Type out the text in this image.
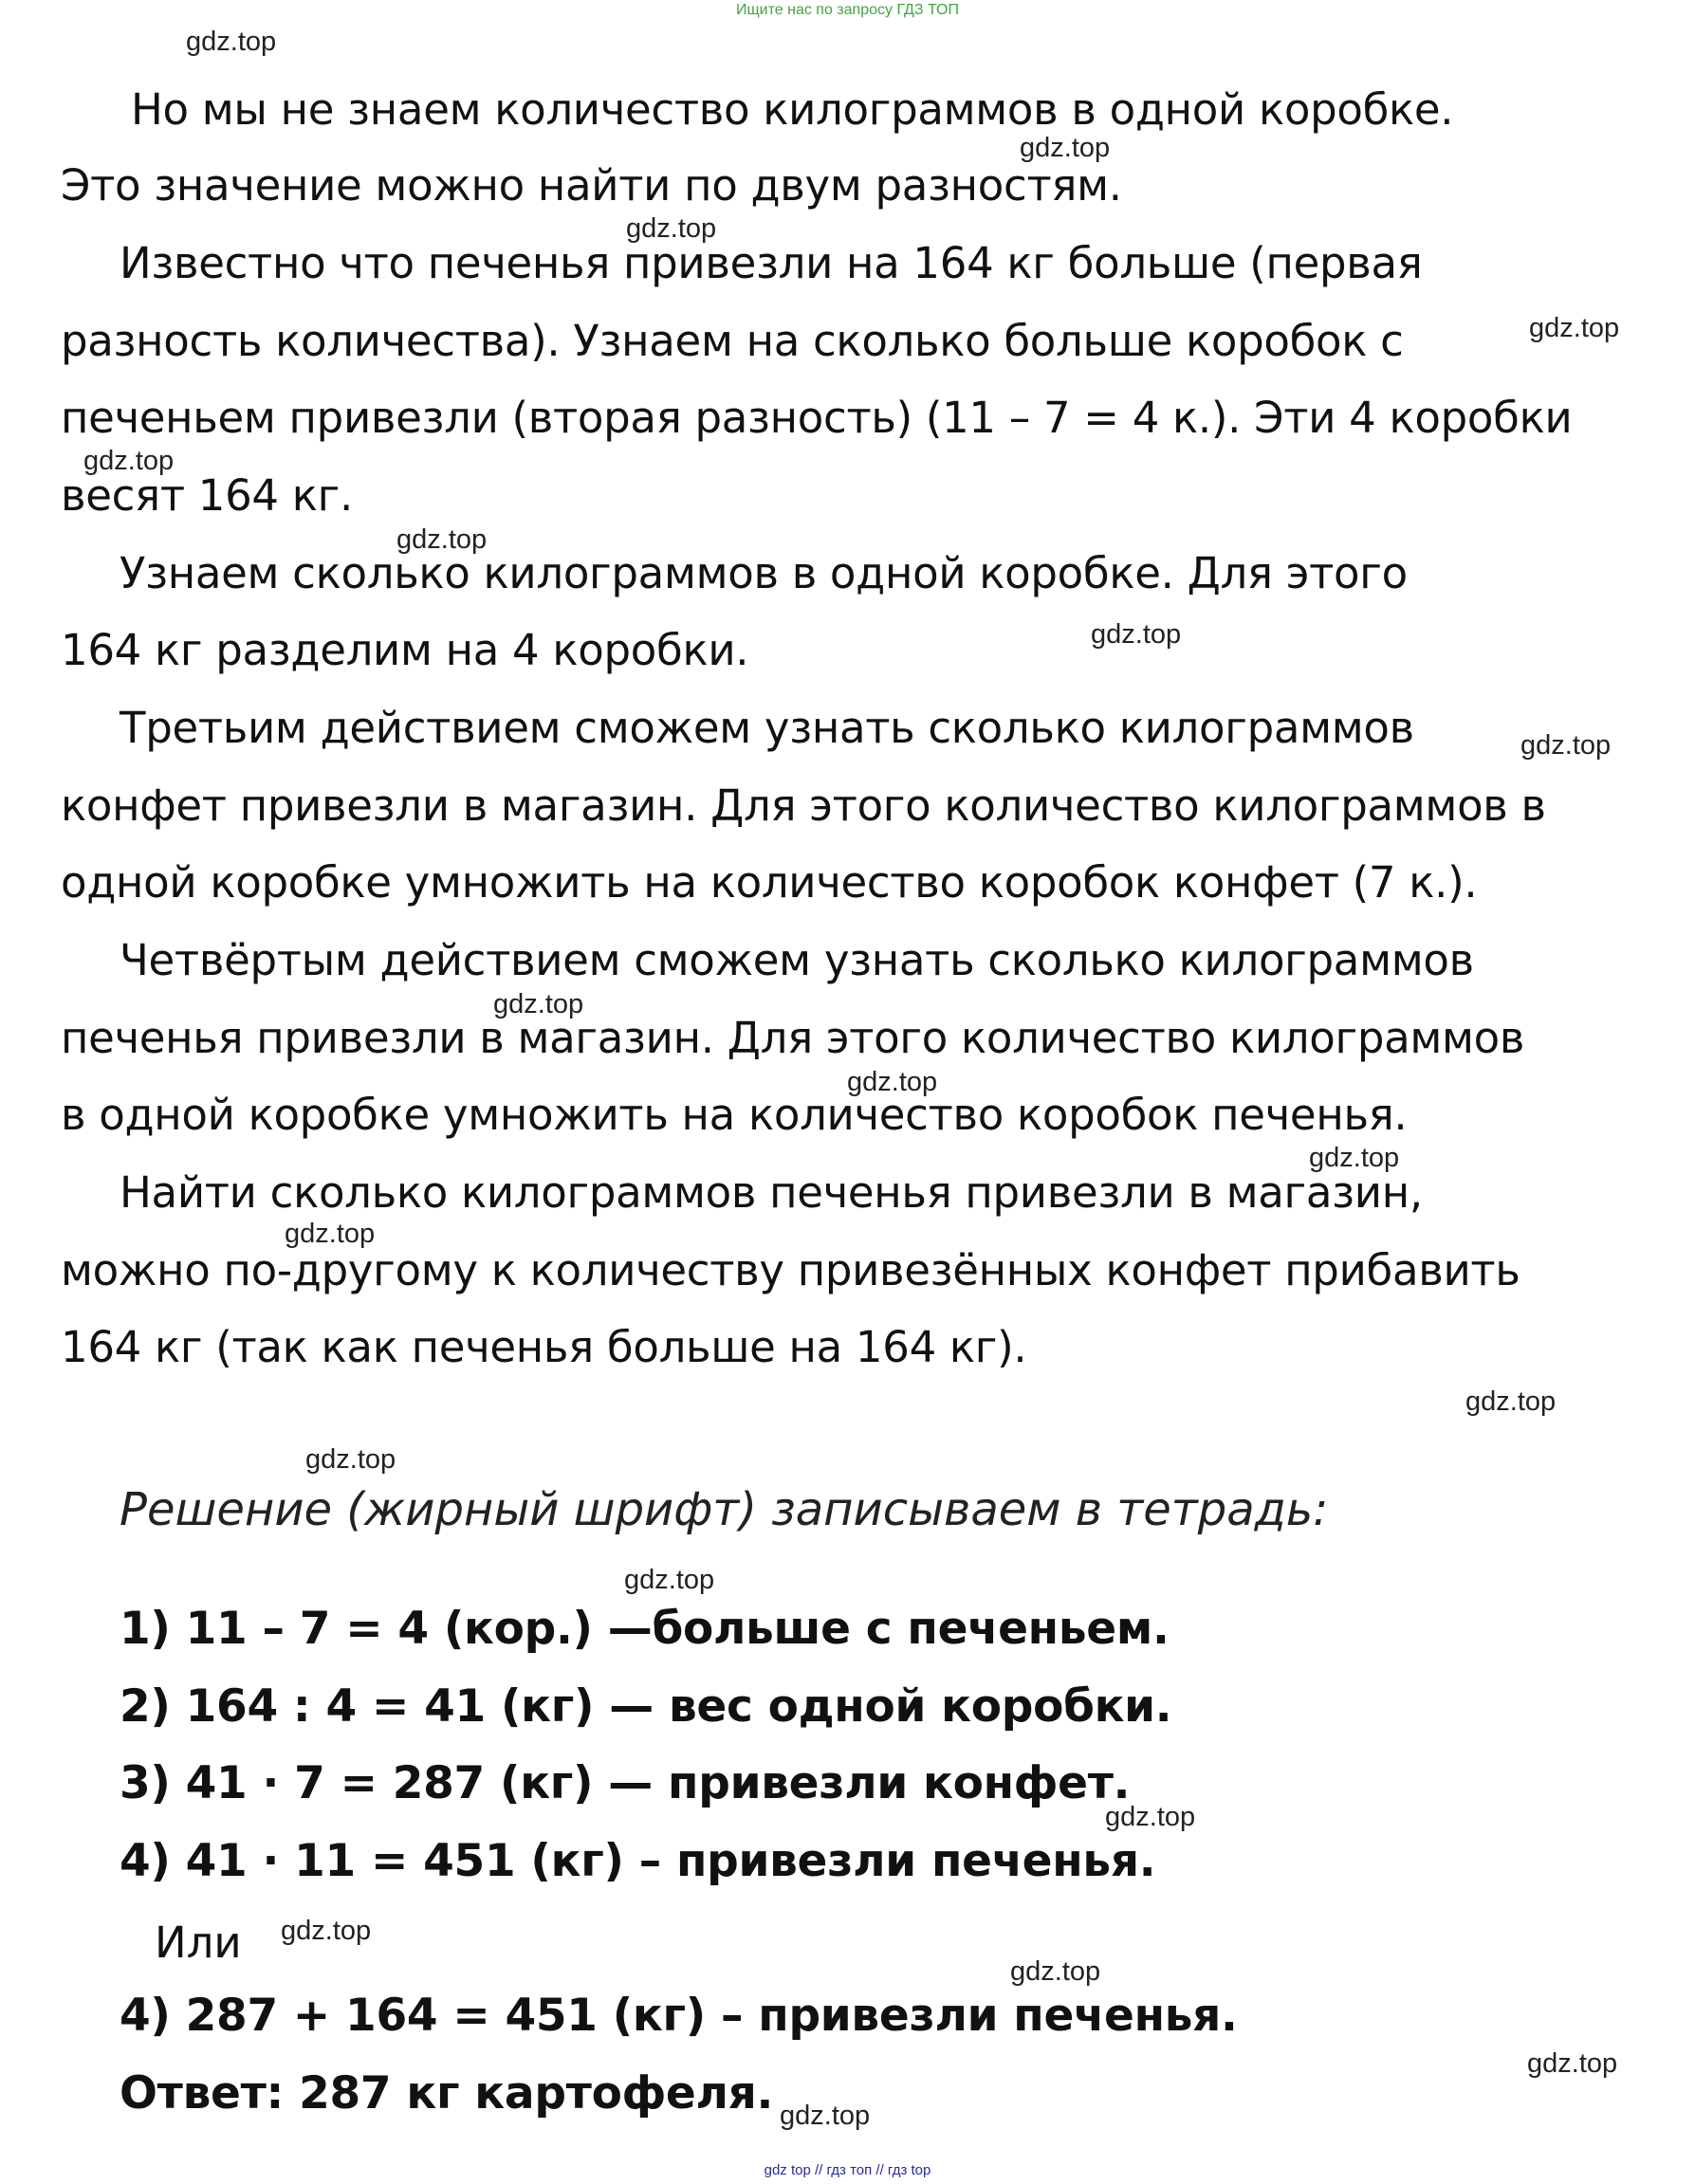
Ищите нас по запросу ГДЗ ТОП
gdz.top
gdz.top
gdz.top
gdz.top
gdz.top
gdz.top
gdz.top
gdz.top
gdz.top
gdz.top
gdz.top
gdz.top
gdz.top
gdz.top
gdz.top
gdz.top
gdz.top
gdz.top
gdz.top
gdz.top
Но мы не знаем количество килограммов в одной коробке.
Это значение можно найти по двум разностям.
Известно что печенья привезли на 164 кг больше (первая
разность количества). Узнаем на сколько больше коробок с
печеньем привезли (вторая разность) (11 – 7 = 4 к.). Эти 4 коробки
весят 164 кг.
Узнаем сколько килограммов в одной коробке. Для этого
164 кг разделим на 4 коробки.
Третьим действием сможем узнать сколько килограммов
конфет привезли в магазин. Для этого количество килограммов в
одной коробке умножить на количество коробок конфет (7 к.).
Четвёртым действием сможем узнать сколько килограммов
печенья привезли в магазин. Для этого количество килограммов
в одной коробке умножить на количество коробок печенья.
Найти сколько килограммов печенья привезли в магазин,
можно по-другому к количеству привезённых конфет прибавить
164 кг (так как печенья больше на 164 кг).
Решение (жирный шрифт) записываем в тетрадь:
1) 11 – 7 = 4 (кор.) —больше с печеньем.
2) 164 : 4 = 41 (кг) — вес одной коробки.
3) 41 · 7 = 287 (кг) — привезли конфет.
4) 41 · 11 = 451 (кг) – привезли печенья.
Или
4) 287 + 164 = 451 (кг) – привезли печенья.
Ответ: 287 кг картофеля.
gdz top // гдз топ // гдз top
